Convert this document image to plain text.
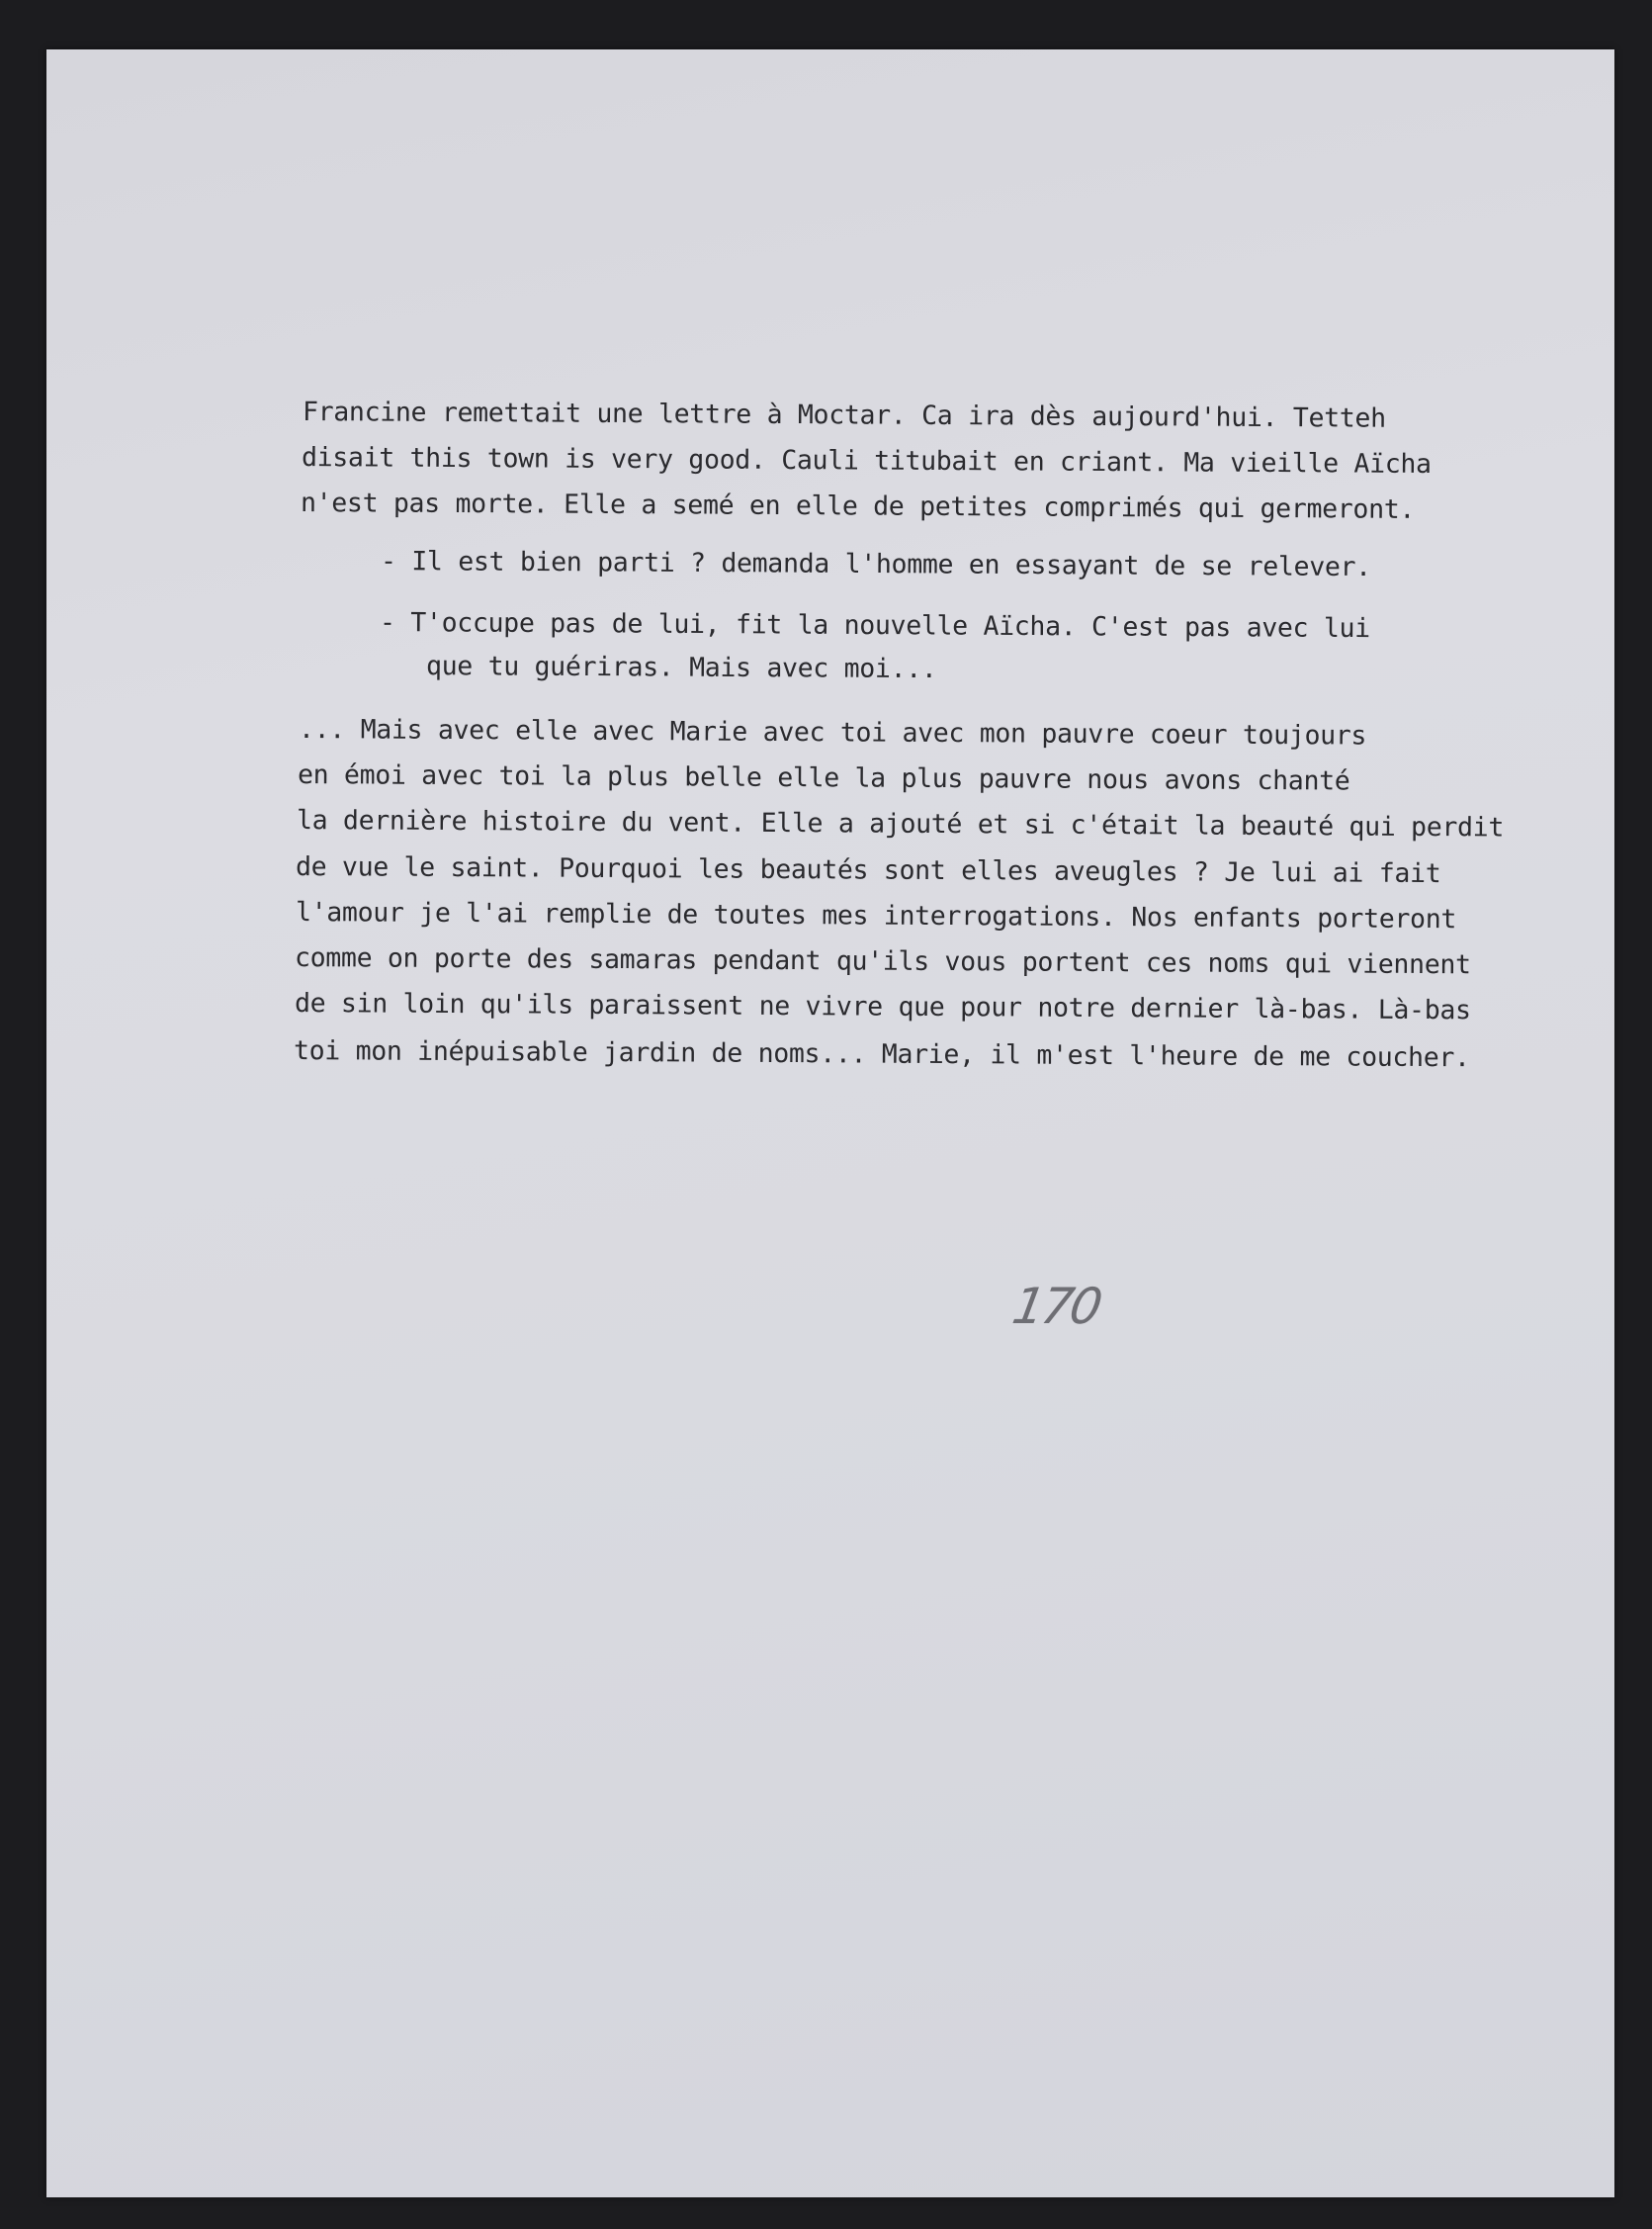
Francine remettait une lettre à Moctar. Ca ira dès aujourd'hui. Tetteh
disait this town is very good. Cauli titubait en criant. Ma vieille Aïcha
n'est pas morte. Elle a semé en elle de petites comprimés qui germeront.
- Il est bien parti ? demanda l'homme en essayant de se relever.
- T'occupe pas de lui, fit la nouvelle Aïcha. C'est pas avec lui
que tu guériras. Mais avec moi...
... Mais avec elle avec Marie avec toi avec mon pauvre coeur toujours
en émoi avec toi la plus belle elle la plus pauvre nous avons chanté
la dernière histoire du vent. Elle a ajouté et si c'était la beauté qui perdit
de vue le saint. Pourquoi les beautés sont elles aveugles ? Je lui ai fait
l'amour je l'ai remplie de toutes mes interrogations. Nos enfants porteront
comme on porte des samaras pendant qu'ils vous portent ces noms qui viennent
de sin loin qu'ils paraissent ne vivre que pour notre dernier là-bas. Là-bas
toi mon inépuisable jardin de noms... Marie, il m'est l'heure de me coucher.
170
